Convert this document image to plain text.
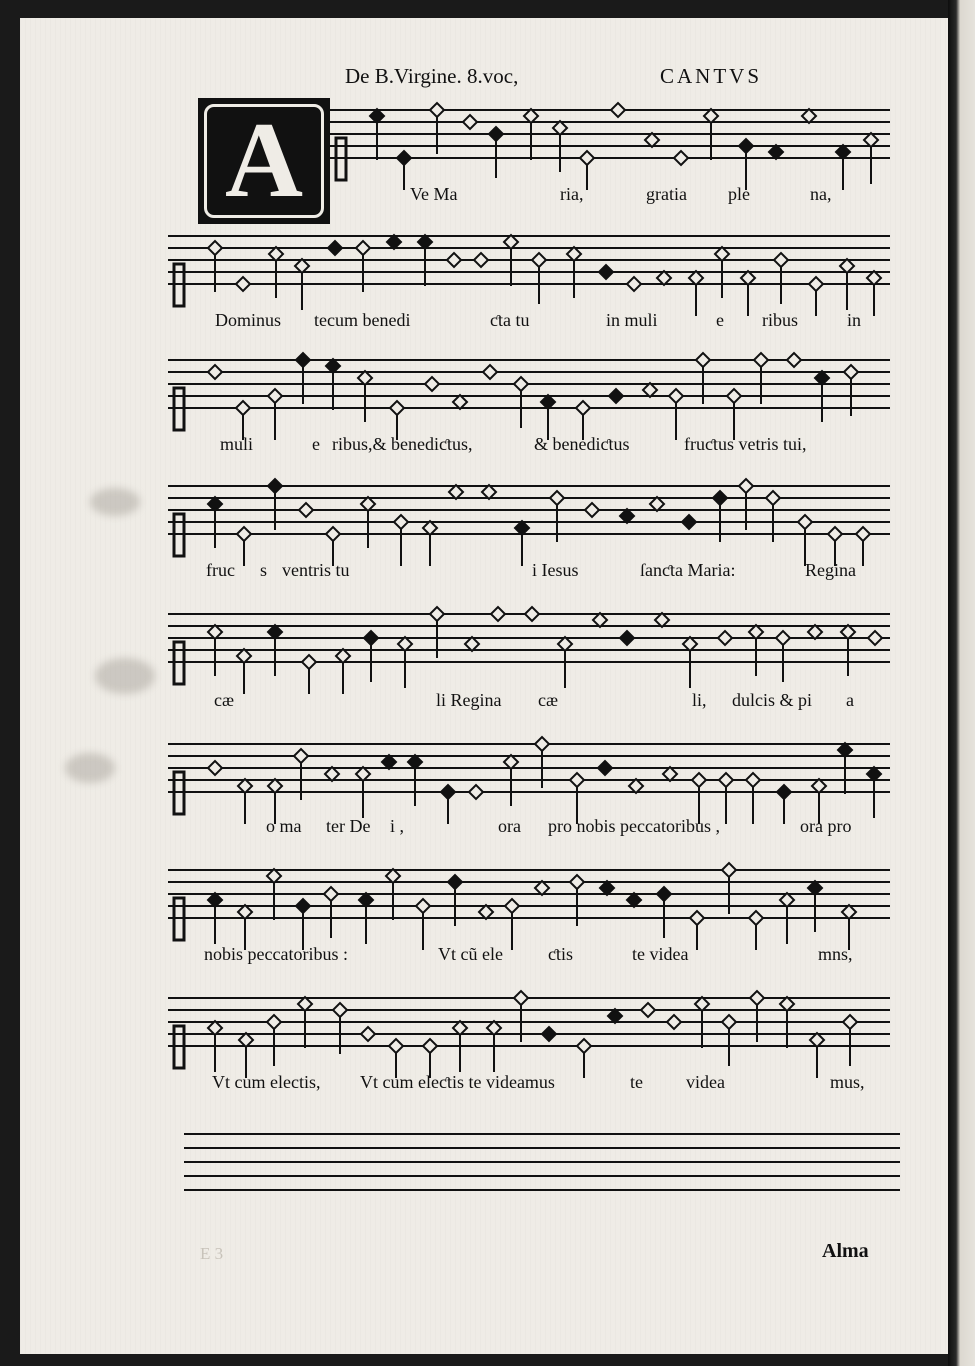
De B.Virgine. 8.voc,	CANTVS
A	Ve Ma	ria,	gratia ple	na,
Dominus tecum benedi	ƈta tu	in muli	e ribus	in
muli	e ribus,& benediƈtus,	& benediƈtus	fruƈtus vetris tui,
fruc s ventris tu	i Iesus	ſanƈta Maria:	Regina
cæ	li Regina cæ	li, dulcis & pi a
o ma ter De i ,	ora pro nobis peccatoribus ,	ora pro
nobis peccatoribus :	Vt cũ ele	ƈtis	te videa	mns,
Vt cum electis, Vt cum eleƈtis te videamus	te videa	mus,
E 3	Alma
